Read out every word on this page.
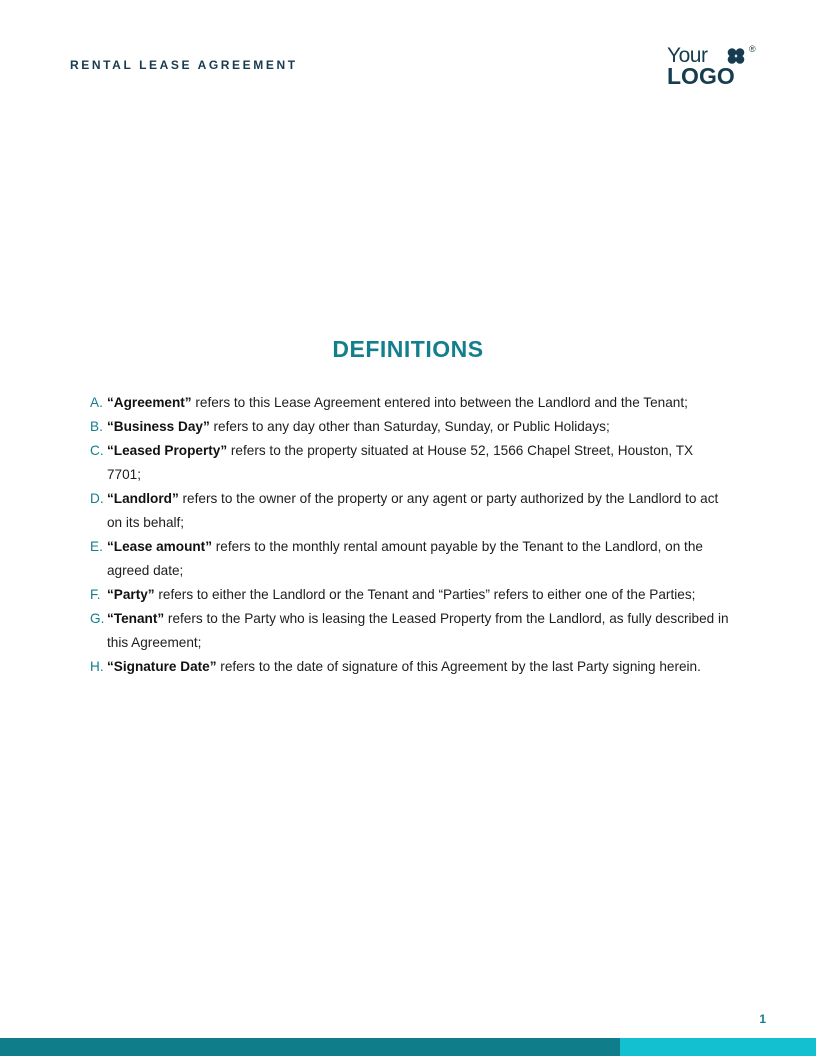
RENTAL LEASE AGREEMENT	Your	®
LOGO
DEFINITIONS
A. “Agreement” refers to this Lease Agreement entered into between the Landlord and the Tenant;
B. “Business Day” refers to any day other than Saturday, Sunday, or Public Holidays;
C. “Leased Property” refers to the property situated at House 52, 1566 Chapel Street, Houston, TX 7701;
D. “Landlord” refers to the owner of the property or any agent or party authorized by the Landlord to act on its behalf;
E. “Lease amount” refers to the monthly rental amount payable by the Tenant to the Landlord, on the agreed date;
F. “Party” refers to either the Landlord or the Tenant and “Parties” refers to either one of the Parties;
G. “Tenant” refers to the Party who is leasing the Leased Property from the Landlord, as fully described in this Agreement;
H. “Signature Date” refers to the date of signature of this Agreement by the last Party signing herein.
1
